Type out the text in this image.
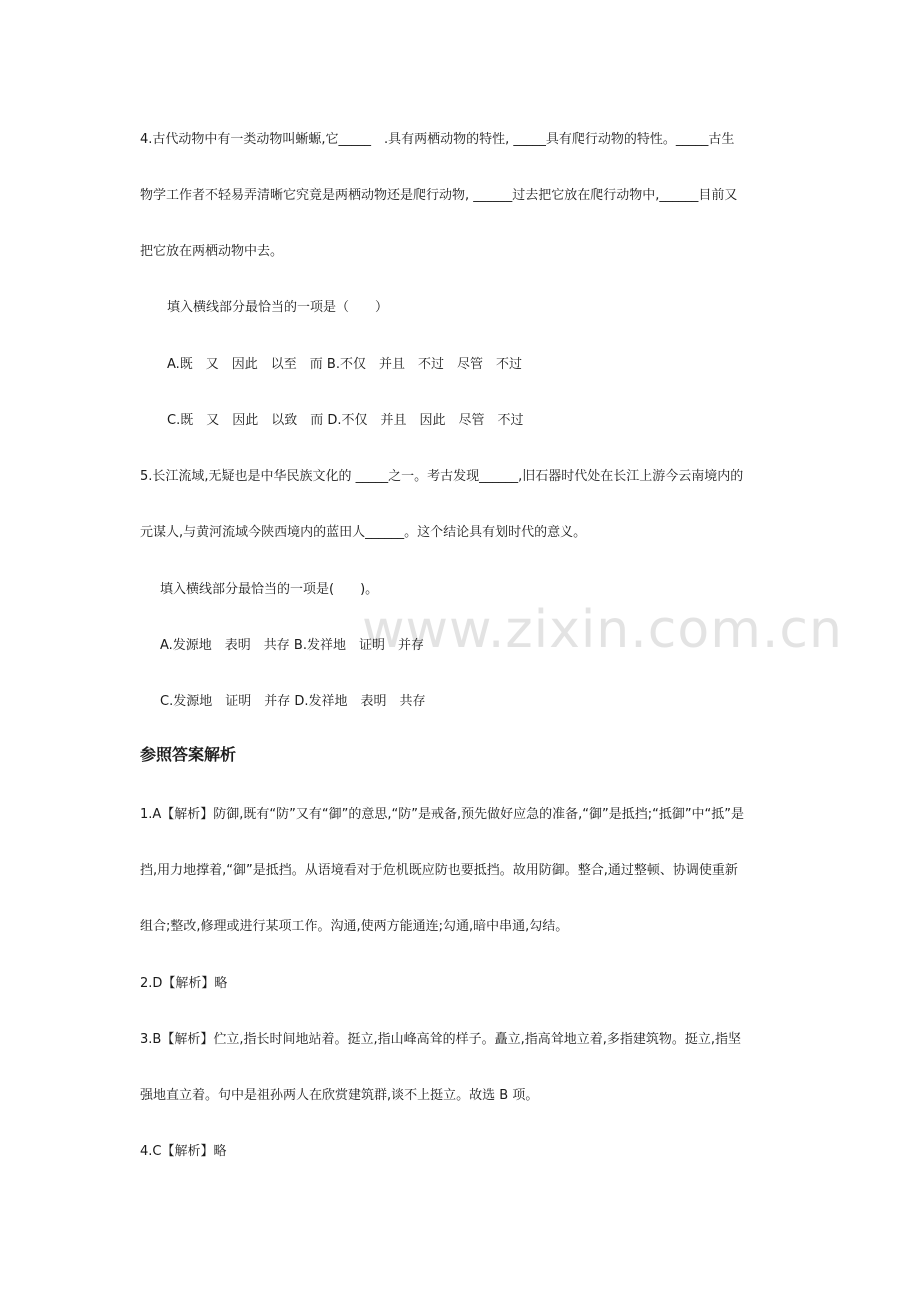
www.zixin.com.cn
4.古代动物中有一类动物叫蜥螈,它_____　.具有两栖动物的特性, _____具有爬行动物的特性。_____古生
物学工作者不轻易弄清晰它究竟是两栖动物还是爬行动物, ______过去把它放在爬行动物中,______目前又
把它放在两栖动物中去。
填入横线部分最恰当的一项是（　　）
A.既　又　因此　以至　而 B.不仅　并且　不过　尽管　不过
C.既　又　因此　以致　而 D.不仅　并且　因此　尽管　不过
5.长江流域,无疑也是中华民族文化的 _____之一。考古发现______,旧石器时代处在长江上游今云南境内的
元谋人,与黄河流域今陕西境内的蓝田人______。这个结论具有划时代的意义。
填入横线部分最恰当的一项是(　　)。
A.发源地　表明　共存 B.发祥地　证明　并存
C.发源地　证明　并存 D.发祥地　表明　共存
参照答案解析
1.A【解析】防御,既有“防”又有“御”的意思,“防”是戒备,预先做好应急的准备,“御”是抵挡;“抵御”中“抵”是
挡,用力地撑着,“御”是抵挡。从语境看对于危机既应防也要抵挡。故用防御。整合,通过整顿、协调使重新
组合;整改,修理或进行某项工作。沟通,使两方能通连;勾通,暗中串通,勾结。
2.D【解析】略
3.B【解析】伫立,指长时间地站着。挺立,指山峰高耸的样子。矗立,指高耸地立着,多指建筑物。挺立,指坚
强地直立着。句中是祖孙两人在欣赏建筑群,谈不上挺立。故选 B 项。
4.C【解析】略
